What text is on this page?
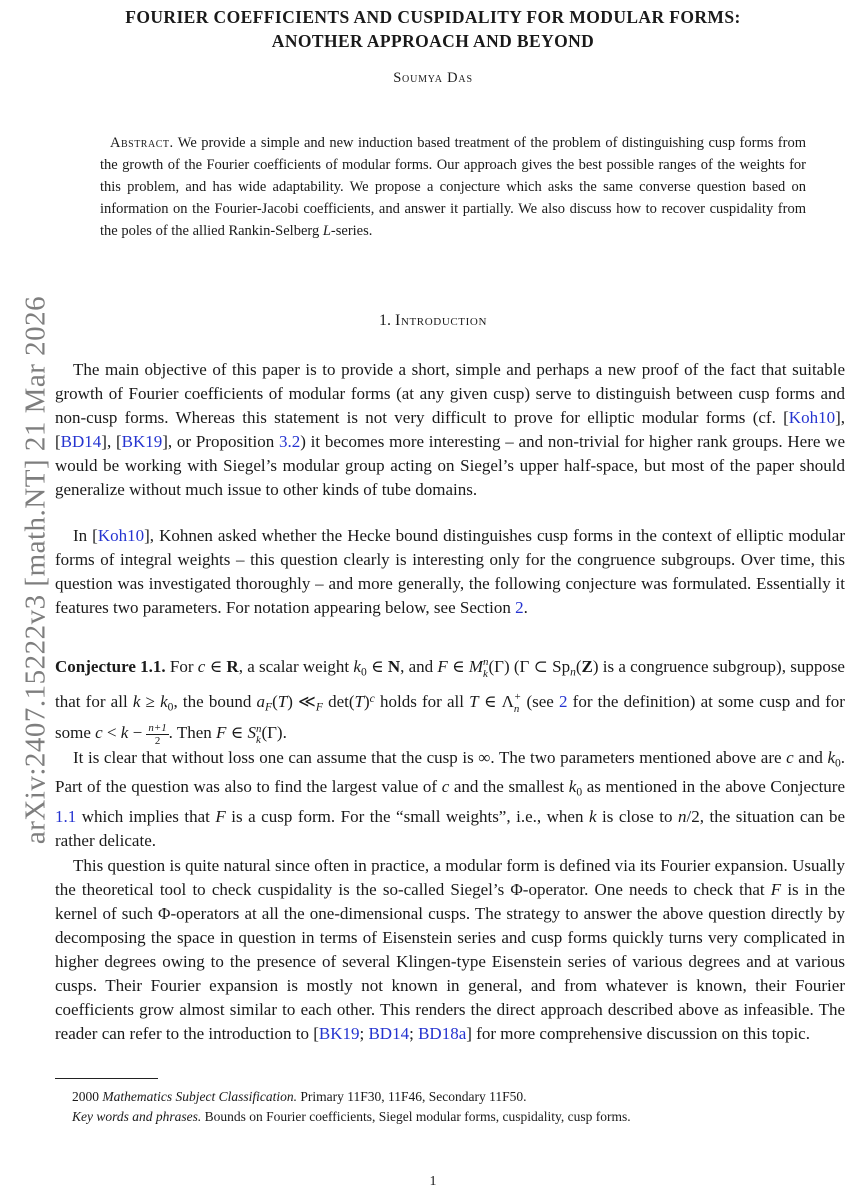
arXiv:2407.15222v3 [math.NT] 21 Mar 2026
FOURIER COEFFICIENTS AND CUSPIDALITY FOR MODULAR FORMS:
ANOTHER APPROACH AND BEYOND
Soumya Das
Abstract. We provide a simple and new induction based treatment of the problem of distinguishing cusp forms from the growth of the Fourier coefficients of modular forms. Our approach gives the best possible ranges of the weights for this problem, and has wide adaptability. We propose a conjecture which asks the same converse question based on information on the Fourier-Jacobi coefficients, and answer it partially. We also discuss how to recover cuspidality from the poles of the allied Rankin-Selberg L-series.
1. Introduction
The main objective of this paper is to provide a short, simple and perhaps a new proof of the fact that suitable growth of Fourier coefficients of modular forms (at any given cusp) serve to distinguish between cusp forms and non-cusp forms. Whereas this statement is not very difficult to prove for elliptic modular forms (cf. [Koh10], [BD14], [BK19], or Proposition 3.2) it becomes more interesting – and non-trivial for higher rank groups. Here we would be working with Siegel’s modular group acting on Siegel’s upper half-space, but most of the paper should generalize without much issue to other kinds of tube domains.
In [Koh10], Kohnen asked whether the Hecke bound distinguishes cusp forms in the context of elliptic modular forms of integral weights – this question clearly is interesting only for the congruence subgroups. Over time, this question was investigated thoroughly – and more generally, the following conjecture was formulated. Essentially it features two parameters. For notation appearing below, see Section 2.
Conjecture 1.1. For c ∈ R, a scalar weight $k_0$ ∈ N, and F ∈ M n
k (Γ) (Γ ⊂ $Sp_n(Z)$ is a congruence subgroup), suppose that for all $k \ge k_0$, the bound $a_F(T)$ $≪_F$ $\det(T)^c$ holds for all T ∈ Λ +
n (see 2 for the definition) at some cusp and for some $c < k - \frac{n+1}{2}$ . Then F ∈ S n
k (Γ).
It is clear that without loss one can assume that the cusp is ∞. The two parameters mentioned above are c and $k_0$. Part of the question was also to find the largest value of c and the smallest $k_0$ as mentioned in the above Conjecture 1.1 which implies that F is a cusp form. For the “small weights”, i.e., when k is close to n/2, the situation can be rather delicate.
This question is quite natural since often in practice, a modular form is defined via its Fourier expansion. Usually the theoretical tool to check cuspidality is the so-called Siegel’s Φ-operator. One needs to check that F is in the kernel of such Φ-operators at all the one-dimensional cusps. The strategy to answer the above question directly by decomposing the space in question in terms of Eisenstein series and cusp forms quickly turns very complicated in higher degrees owing to the presence of several Klingen-type Eisenstein series of various degrees and at various cusps. Their Fourier expansion is mostly not known in general, and from whatever is known, their Fourier coefficients grow almost similar to each other. This renders the direct approach described above as infeasible. The reader can refer to the introduction to [BK19; BD14; BD18a] for more comprehensive discussion on this topic.
2000 Mathematics Subject Classification. Primary 11F30, 11F46, Secondary 11F50.
Key words and phrases. Bounds on Fourier coefficients, Siegel modular forms, cuspidality, cusp forms.
1
